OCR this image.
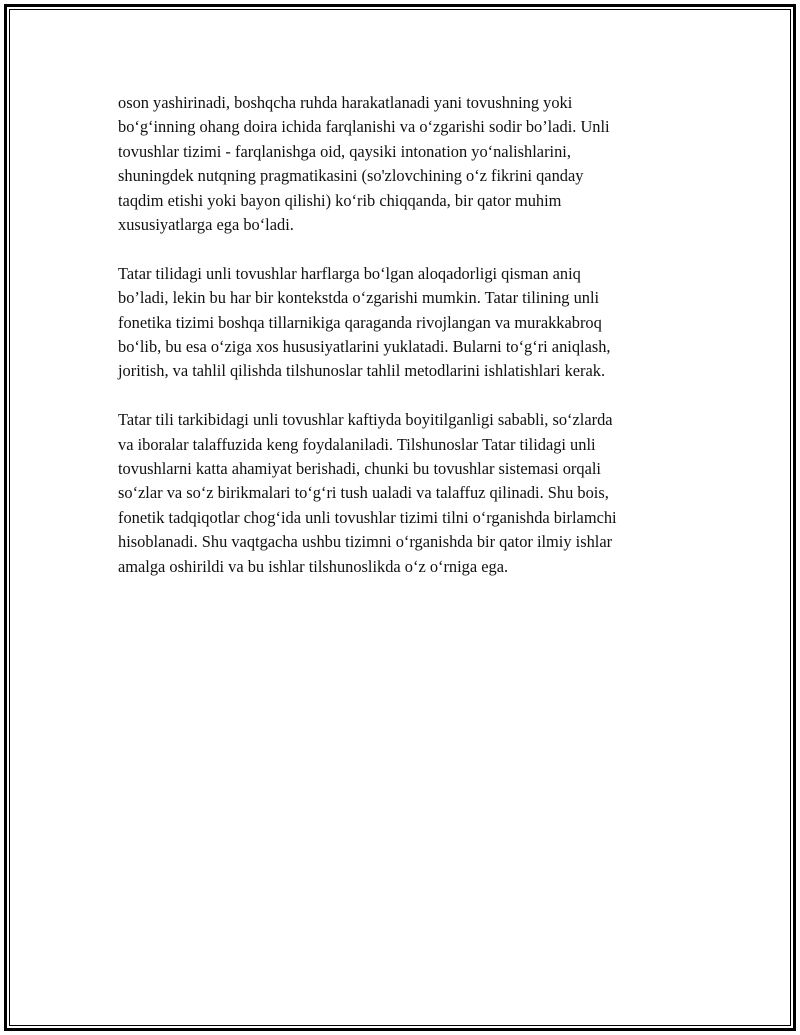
oson yashirinadi, boshqcha ruhda harakatlanadi yani tovushning yoki
bo‘g‘inning ohang doira ichida farqlanishi va o‘zgarishi sodir bo’ladi. Unli
tovushlar tizimi - farqlanishga oid, qaysiki intonation yo‘nalishlarini,
shuningdek nutqning pragmatikasini (so'zlovchining o‘z fikrini qanday
taqdim etishi yoki bayon qilishi) ko‘rib chiqqanda, bir qator muhim
xususiyatlarga ega bo‘ladi.

Tatar tilidagi unli tovushlar harflarga bo‘lgan aloqadorligi qisman aniq
bo’ladi, lekin bu har bir kontekstda o‘zgarishi mumkin. Tatar tilining unli
fonetika tizimi boshqa tillarnikiga qaraganda rivojlangan va murakkabroq
bo‘lib, bu esa o‘ziga xos hususiyatlarini yuklatadi. Bularni to‘g‘ri aniqlash,
joritish, va tahlil qilishda tilshunoslar tahlil metodlarini ishlatishlari kerak.

Tatar tili tarkibidagi unli tovushlar kaftiyda boyitilganligi sababli, so‘zlarda
va iboralar talaffuzida keng foydalaniladi. Tilshunoslar Tatar tilidagi unli
tovushlarni katta ahamiyat berishadi, chunki bu tovushlar sistemasi orqali
so‘zlar va so‘z birikmalari to‘g‘ri tush ualadi va talaffuz qilinadi. Shu bois,
fonetik tadqiqotlar chog‘ida unli tovushlar tizimi tilni o‘rganishda birlamchi
hisoblanadi. Shu vaqtgacha ushbu tizimni o‘rganishda bir qator ilmiy ishlar
amalga oshirildi va bu ishlar tilshunoslikda o‘z o‘rniga ega.
